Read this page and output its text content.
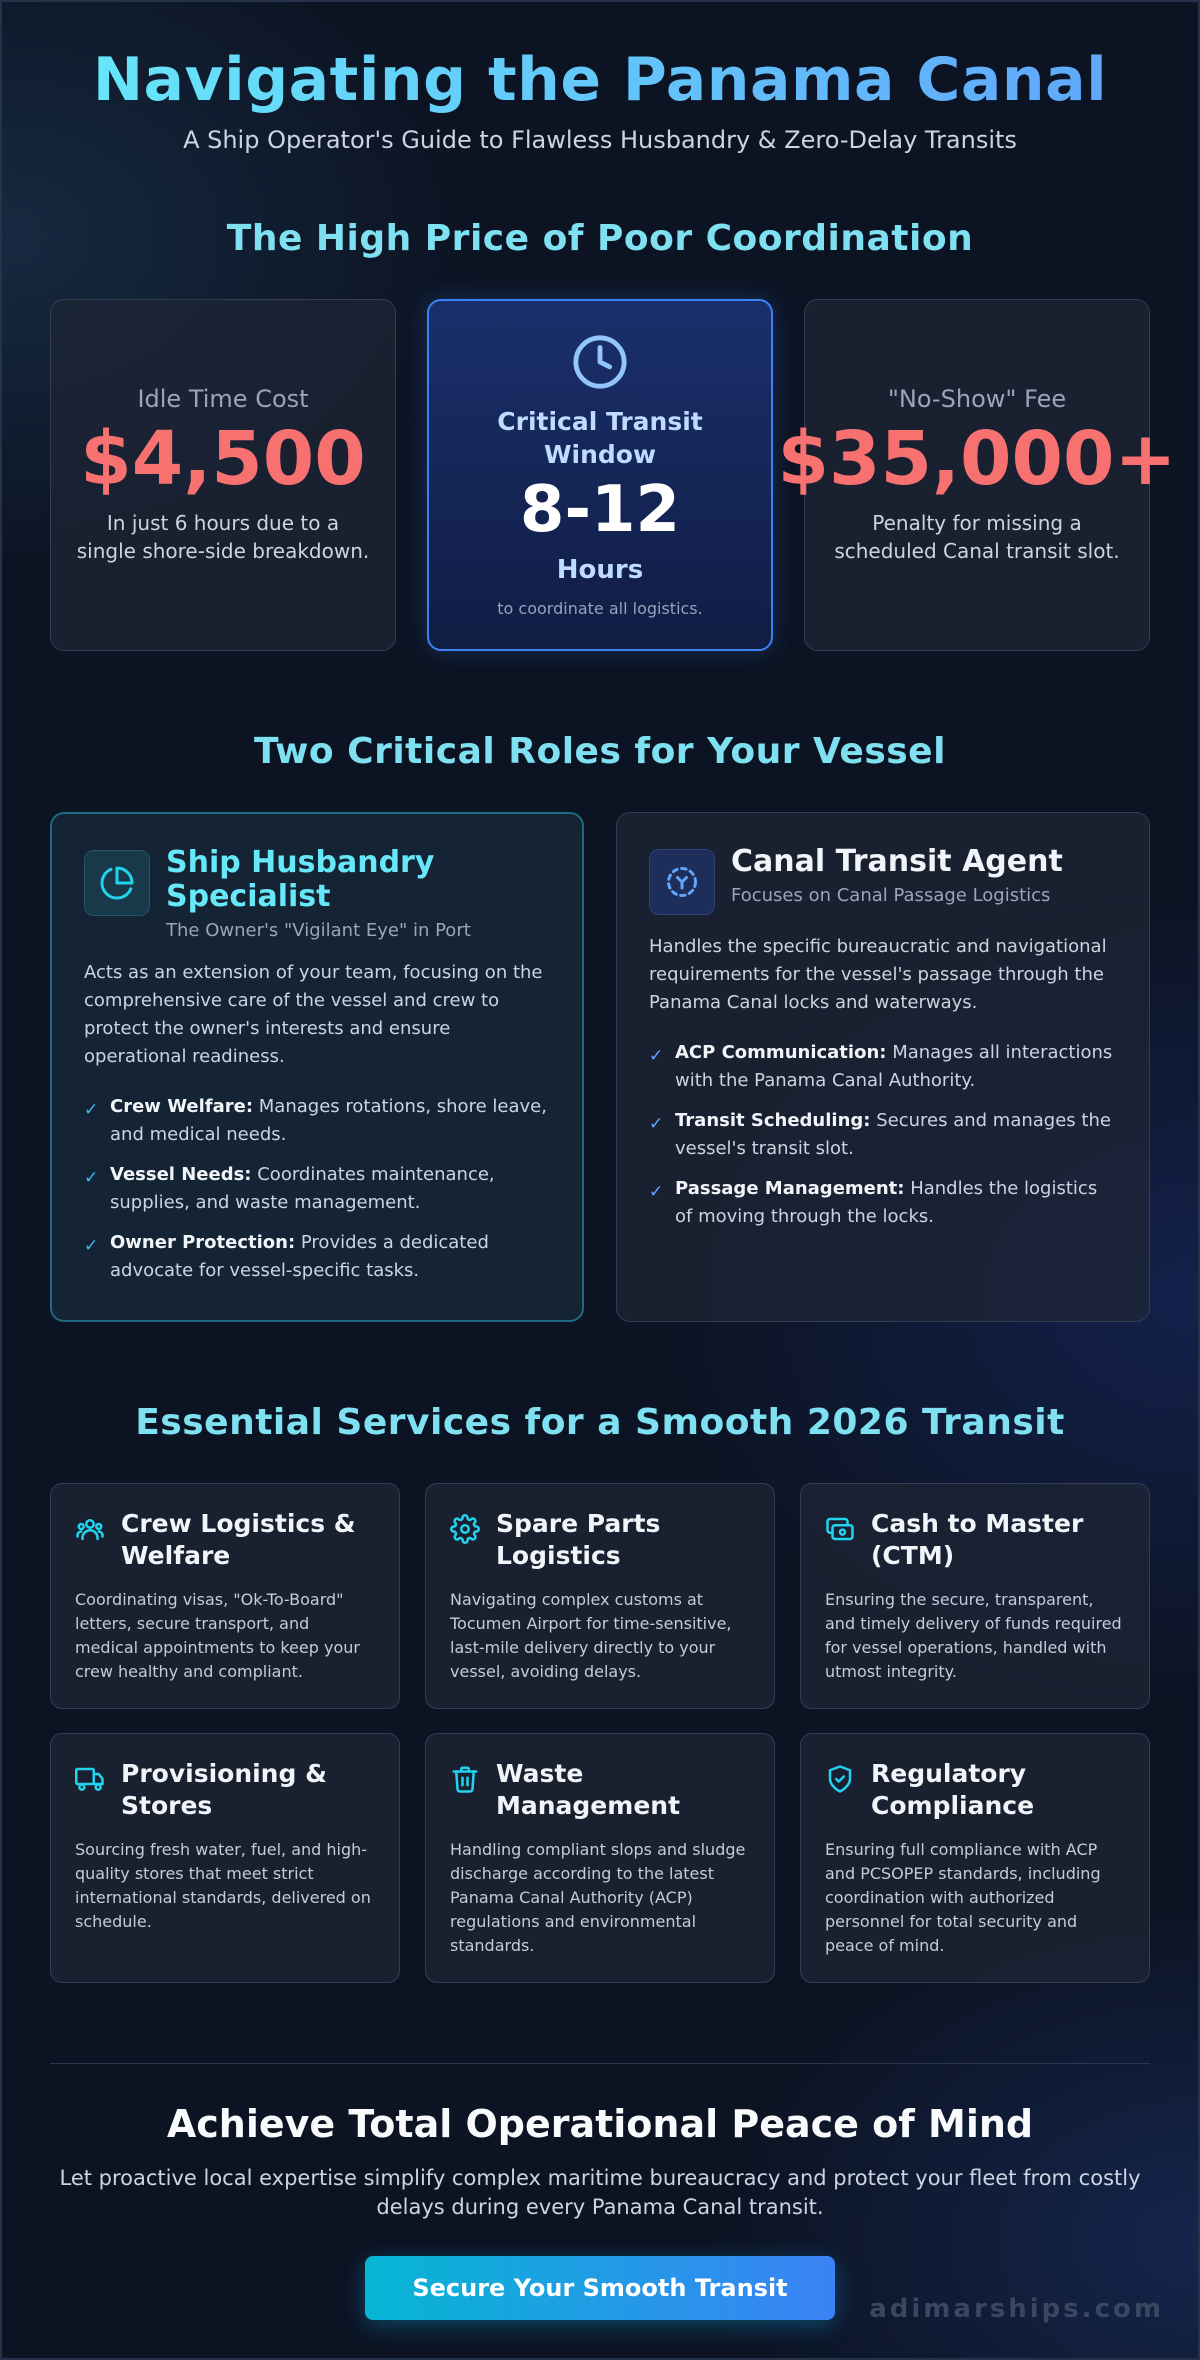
Navigating the Panama Canal

A Ship Operator's Guide to Flawless Husbandry & Zero-Delay Transits

The High Price of Poor Coordination
Idle Time Cost
$4,500
In just 6 hours due to a single shore-side breakdown.
Critical Transit Window
8-12
Hours
to coordinate all logistics.
"No-Show" Fee
$35,000+
Penalty for missing a scheduled Canal transit slot.
Two Critical Roles for Your Vessel
Ship Husbandry Specialist
The Owner's "Vigilant Eye" in Port

Acts as an extension of your team, focusing on the comprehensive care of the vessel and crew to protect the owner's interests and ensure operational readiness.

✓ Crew Welfare: Manages rotations, shore leave, and medical needs.
✓ Vessel Needs: Coordinates maintenance, supplies, and waste management.
✓ Owner Protection: Provides a dedicated advocate for vessel-specific tasks.
Canal Transit Agent
Focuses on Canal Passage Logistics

Handles the specific bureaucratic and navigational requirements for the vessel's passage through the Panama Canal locks and waterways.

✓ ACP Communication: Manages all interactions with the Panama Canal Authority.
✓ Transit Scheduling: Secures and manages the vessel's transit slot.
✓ Passage Management: Handles the logistics of moving through the locks.
Essential Services for a Smooth 2026 Transit
Crew Logistics & Welfare

Coordinating visas, "Ok-To-Board" letters, secure transport, and medical appointments to keep your crew healthy and compliant.

Spare Parts Logistics

Navigating complex customs at Tocumen Airport for time-sensitive, last-mile delivery directly to your vessel, avoiding delays.

Cash to Master (CTM)

Ensuring the secure, transparent, and timely delivery of funds required for vessel operations, handled with utmost integrity.

Provisioning & Stores

Sourcing fresh water, fuel, and high-quality stores that meet strict international standards, delivered on schedule.

Waste Management

Handling compliant slops and sludge discharge according to the latest Panama Canal Authority (ACP) regulations and environmental standards.

Regulatory Compliance

Ensuring full compliance with ACP and PCSOPEP standards, including coordination with authorized personnel for total security and peace of mind.

Achieve Total Operational Peace of Mind

Let proactive local expertise simplify complex maritime bureaucracy and protect your fleet from costly delays during every Panama Canal transit.

Secure Your Smooth Transit
adimarships.com
